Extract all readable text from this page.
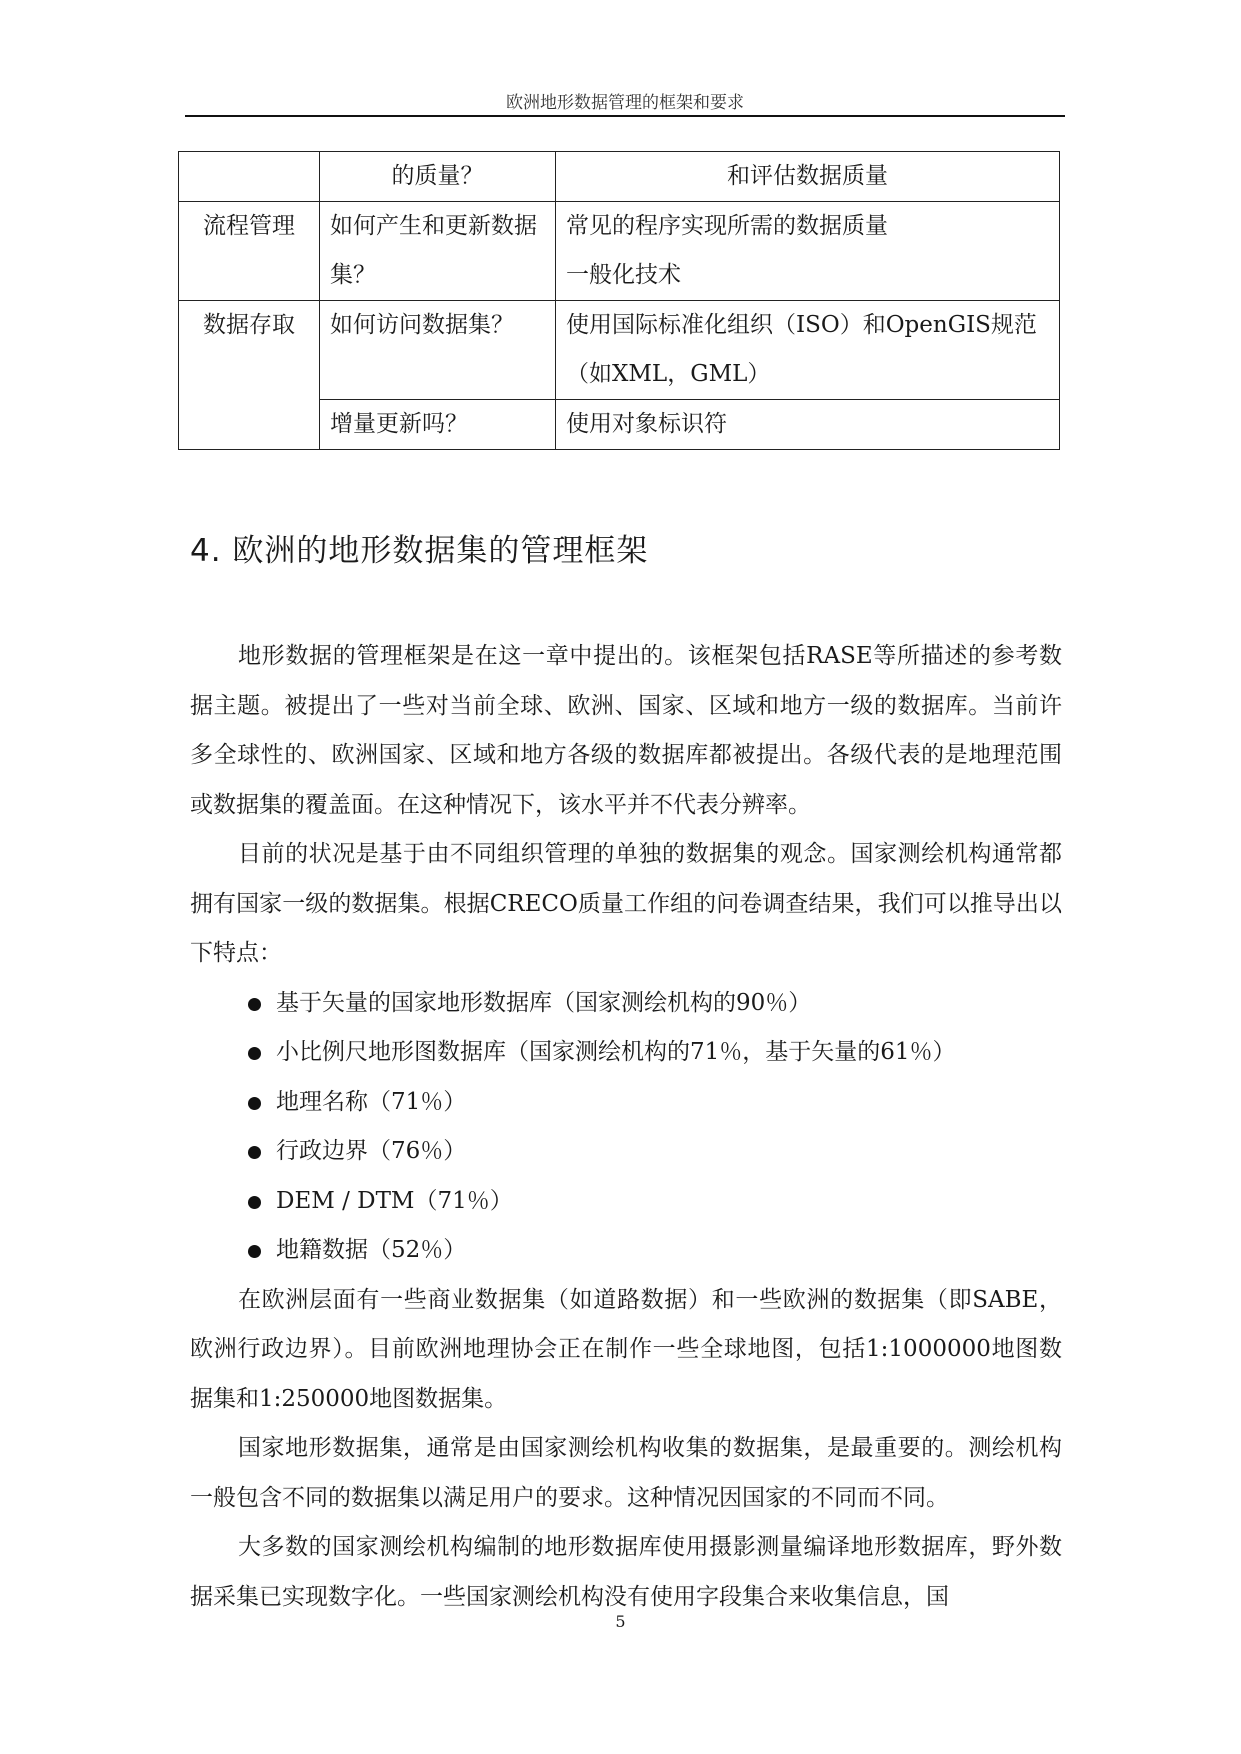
欧洲地形数据管理的框架和要求
	的质量？	和评估数据质量
流程管理	如何产生和更新数据集？	常见的程序实现所需的数据质量
一般化技术
数据存取	如何访问数据集？	使用国际标准化组织（ISO）和OpenGIS规范（如XML，GML）
	增量更新吗？	使用对象标识符
4. 欧洲的地形数据集的管理框架

地形数据的管理框架是在这一章中提出的。该框架包括RASE等所描述的参考数据主题。被提出了一些对当前全球、欧洲、国家、区域和地方一级的数据库。当前许多全球性的、欧洲国家、区域和地方各级的数据库都被提出。各级代表的是地理范围或数据集的覆盖面。在这种情况下，该水平并不代表分辨率。

目前的状况是基于由不同组织管理的单独的数据集的观念。国家测绘机构通常都拥有国家一级的数据集。根据CRECO质量工作组的问卷调查结果，我们可以推导出以下特点：

基于矢量的国家地形数据库（国家测绘机构的90％）
小比例尺地形图数据库（国家测绘机构的71％，基于矢量的61％）
地理名称（71％）
行政边界（76％）
DEM / DTM（71％）
地籍数据（52％）

在欧洲层面有一些商业数据集（如道路数据）和一些欧洲的数据集（即SABE，欧洲行政边界）。目前欧洲地理协会正在制作一些全球地图，包括1:1000000地图数据集和1:250000地图数据集。

国家地形数据集，通常是由国家测绘机构收集的数据集，是最重要的。测绘机构一般包含不同的数据集以满足用户的要求。这种情况因国家的不同而不同。

大多数的国家测绘机构编制的地形数据库使用摄影测量编译地形数据库，野外数据采集已实现数字化。一些国家测绘机构没有使用字段集合来收集信息，国

5
